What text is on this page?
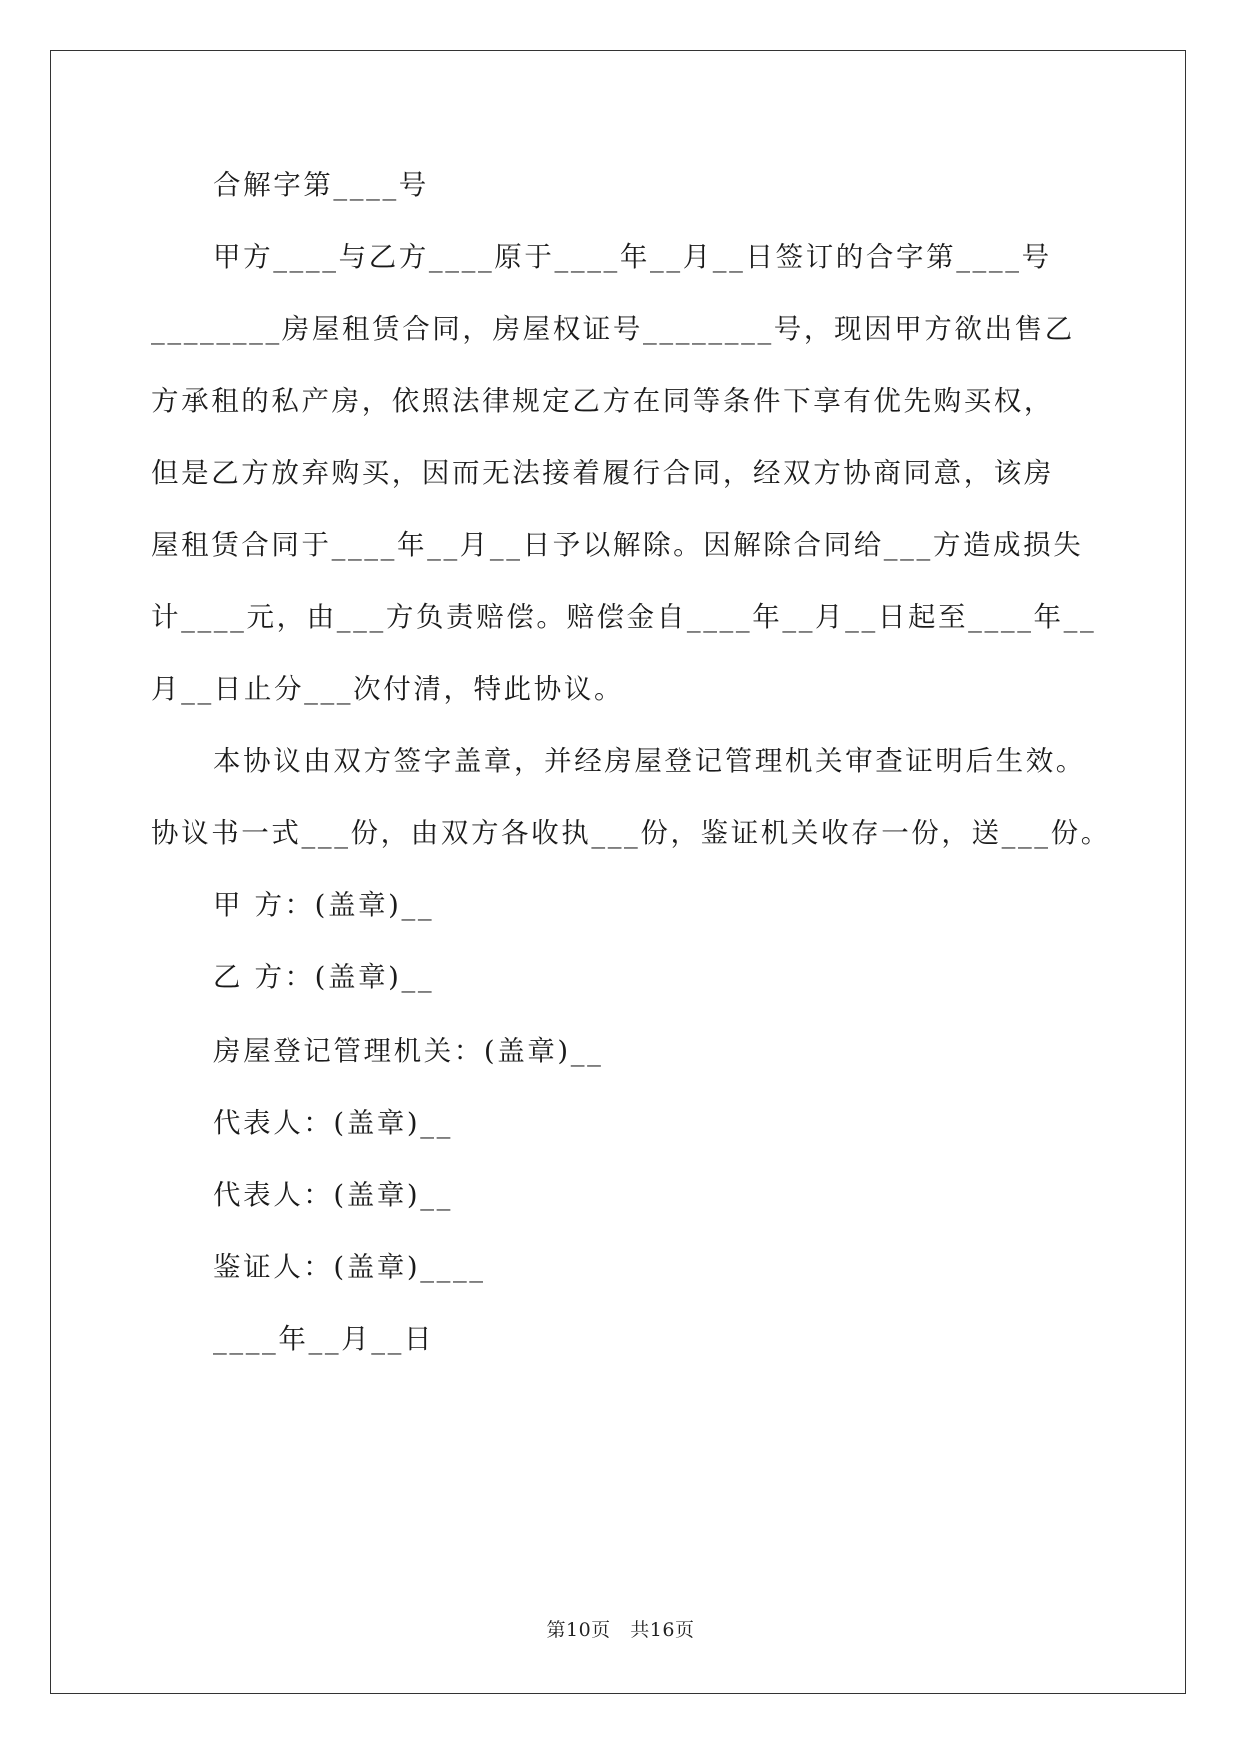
合解字第____号
甲方____与乙方____原于____年__月__日签订的合字第____号
________房屋租赁合同，房屋权证号________号，现因甲方欲出售乙
方承租的私产房，依照法律规定乙方在同等条件下享有优先购买权，
但是乙方放弃购买，因而无法接着履行合同，经双方协商同意，该房
屋租赁合同于____年__月__日予以解除。因解除合同给___方造成损失
计____元，由___方负责赔偿。赔偿金自____年__月__日起至____年__
月__日止分___次付清，特此协议。
本协议由双方签字盖章，并经房屋登记管理机关审查证明后生效。
协议书一式___份，由双方各收执___份，鉴证机关收存一份，送___份。
甲 方：(盖章)__
乙 方：(盖章)__
房屋登记管理机关：(盖章)__
代表人：(盖章)__
代表人：(盖章)__
鉴证人：(盖章)____
____年__月__日
第10页   共16页
